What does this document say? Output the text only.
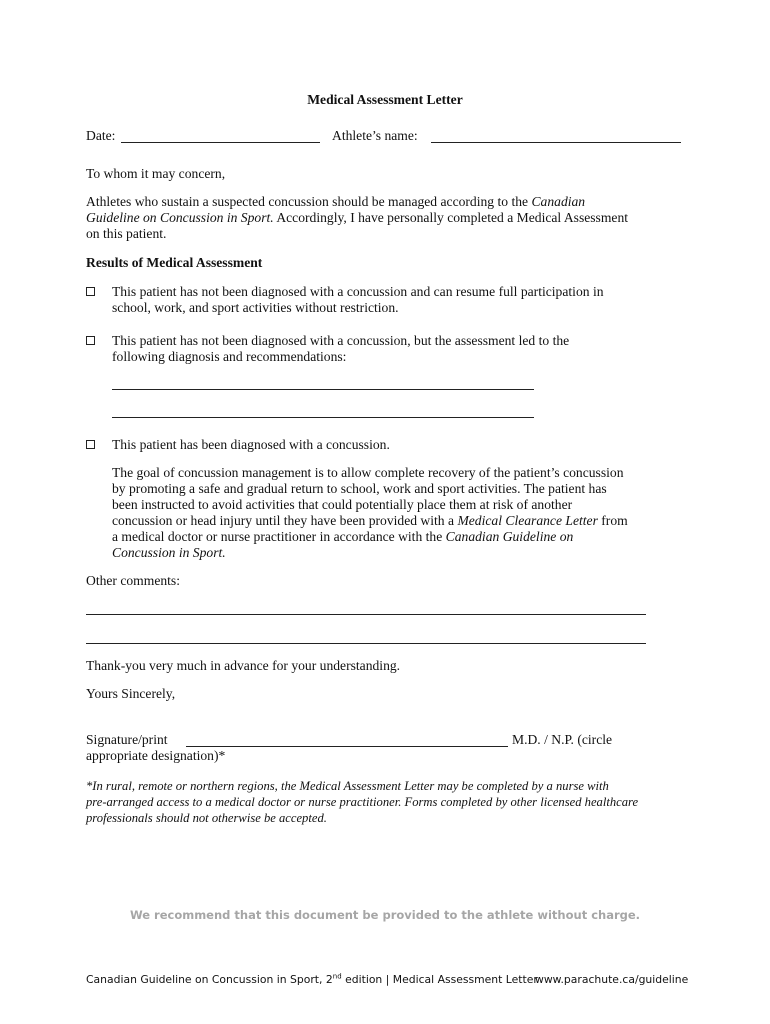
Medical Assessment Letter
Date:	Athlete’s name:
To whom it may concern,
Athletes who sustain a suspected concussion should be managed according to the Canadian
Guideline on Concussion in Sport. Accordingly, I have personally completed a Medical Assessment
on this patient.
Results of Medical Assessment
This patient has not been diagnosed with a concussion and can resume full participation in
school, work, and sport activities without restriction.
This patient has not been diagnosed with a concussion, but the assessment led to the
following diagnosis and recommendations:
This patient has been diagnosed with a concussion.
The goal of concussion management is to allow complete recovery of the patient’s concussion
by promoting a safe and gradual return to school, work and sport activities. The patient has
been instructed to avoid activities that could potentially place them at risk of another
concussion or head injury until they have been provided with a Medical Clearance Letter from
a medical doctor or nurse practitioner in accordance with the Canadian Guideline on
Concussion in Sport.
Other comments:
Thank-you very much in advance for your understanding.
Yours Sincerely,
Signature/print	M.D. / N.P. (circle
appropriate designation)*
*In rural, remote or northern regions, the Medical Assessment Letter may be completed by a nurse with
pre-arranged access to a medical doctor or nurse practitioner. Forms completed by other licensed healthcare
professionals should not otherwise be accepted.
We recommend that this document be provided to the athlete without charge.
Canadian Guideline on Concussion in Sport, 2nd edition | Medical Assessment Letter
www.parachute.ca/guideline
